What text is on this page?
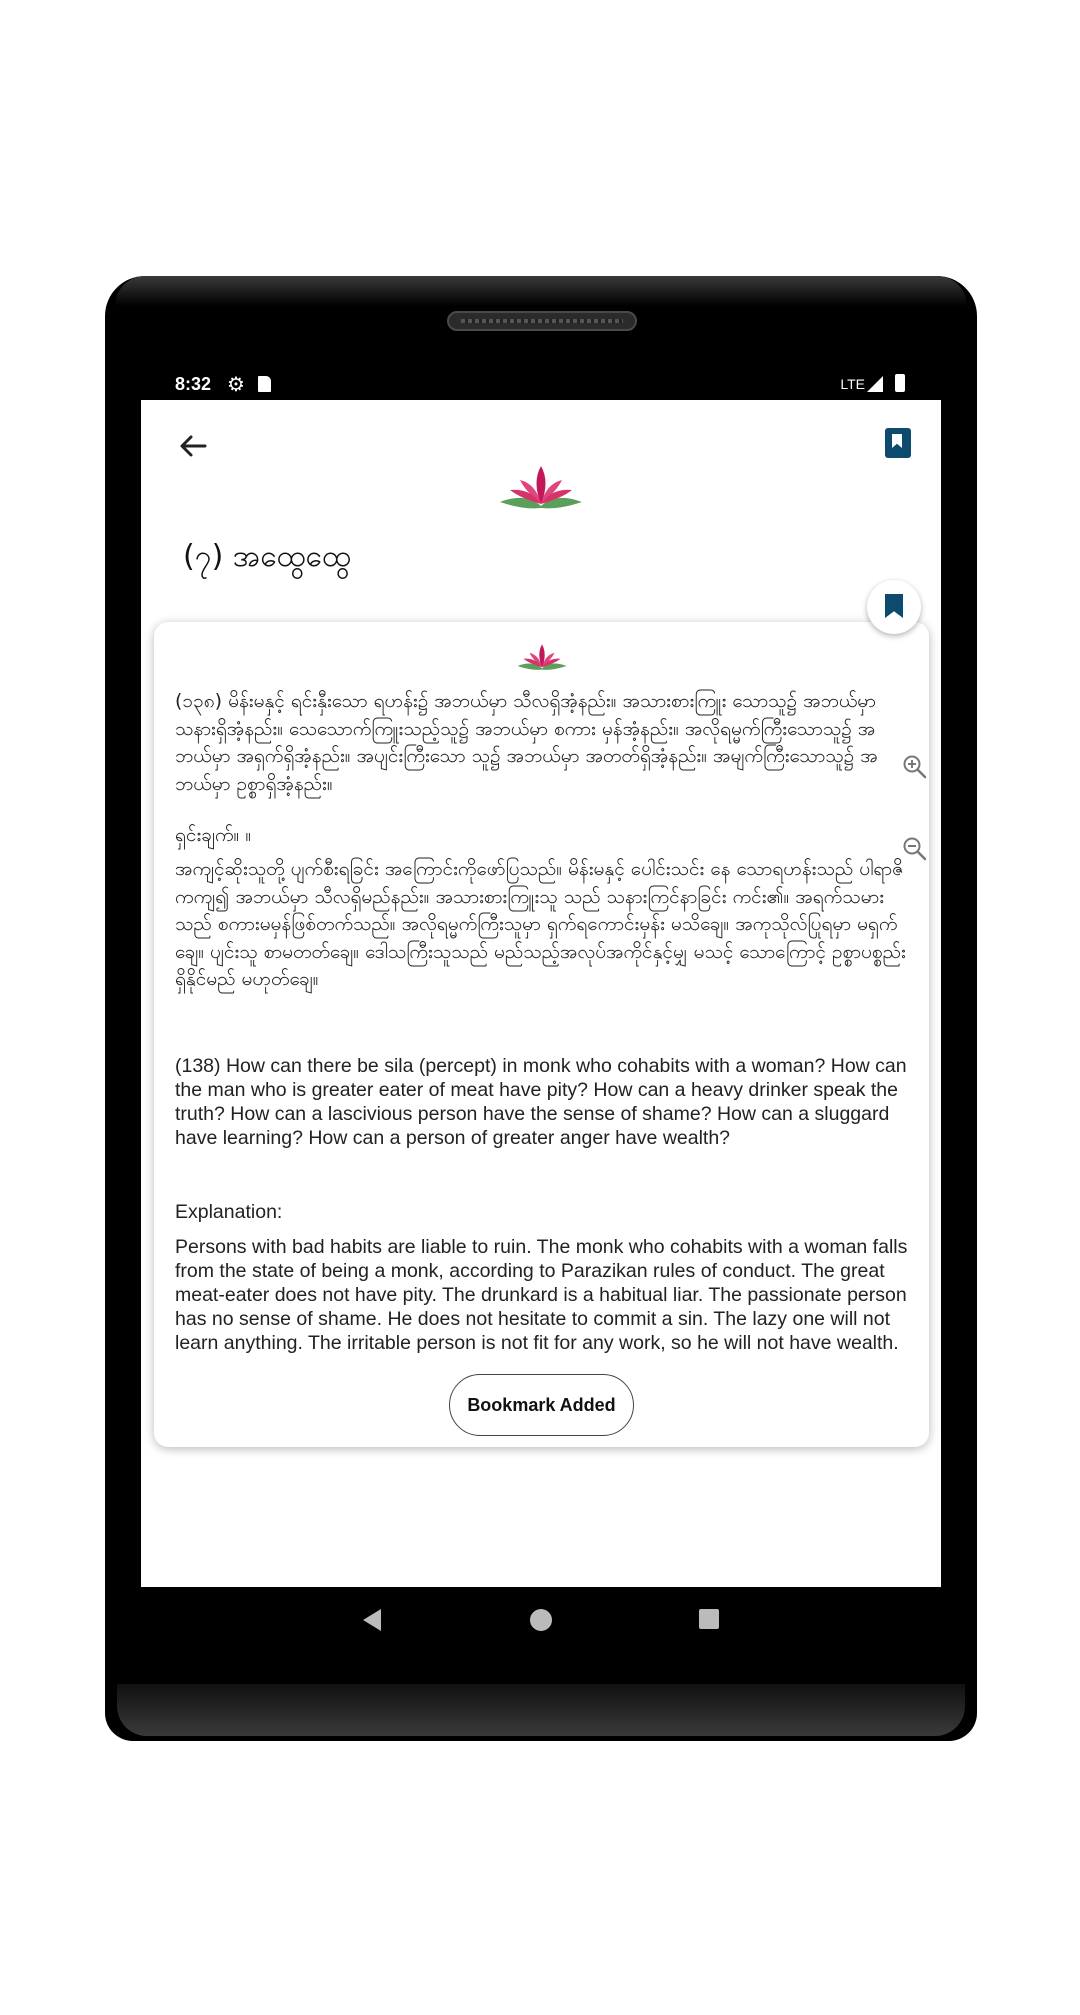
8:32 ⚙	LTE
(၇) အထွေထွေ
(၁၃၈) မိန်းမနှင့် ရင်းနှီးသော ရဟန်း၌ အဘယ်မှာ သီလရှိအံ့နည်း။ အသားစားကြူး သောသူ၌ အဘယ်မှာ သနားရှိအံ့နည်း။ သေသောက်ကြူးသည့်သူ၌ အဘယ်မှာ စကား မှန်အံ့နည်း။ အလိုရမ္မက်ကြီးသောသူ၌ အဘယ်မှာ အရှက်ရှိအံ့နည်း။ အပျင်းကြီးသော သူ၌ အဘယ်မှာ အတတ်ရှိအံ့နည်း။ အမျက်ကြီးသောသူ၌ အဘယ်မှာ ဥစ္စာရှိအံ့နည်း။
ရှင်းချက်။ ။
အကျင့်ဆိုးသူတို့ ပျက်စီးရခြင်း အကြောင်းကိုဖော်ပြသည်။ မိန်းမနှင့် ပေါင်းသင်း နေ သောရဟန်းသည် ပါရာဇိကကျ၍ အဘယ်မှာ သီလရှိမည်နည်း။ အသားစားကြူးသူ သည် သနားကြင်နာခြင်း ကင်း၏။ အရက်သမားသည် စကားမမှန်ဖြစ်တက်သည်။ အလိုရမ္မက်ကြီးသူမှာ ရှက်ရကောင်းမှန်း မသိချေ။ အကုသိုလ်ပြုရမှာ မရှက်ချေ။ ပျင်းသူ စာမတတ်ချေ။ ဒေါသကြီးသူသည် မည်သည့်အလုပ်အကိုင်နှင့်မျှ မသင့် သောကြောင့် ဥစ္စာပစ္စည်းရှိနိုင်မည် မဟုတ်ချေ။
(138) How can there be sila (percept) in monk who cohabits with a woman? How can the man who is greater eater of meat have pity? How can a heavy drinker speak the truth? How can a lascivious person have the sense of shame? How can a sluggard have learning? How can a person of greater anger have wealth?
Explanation:
Persons with bad habits are liable to ruin. The monk who cohabits with a woman falls from the state of being a monk, according to Parazikan rules of conduct. The great meat-eater does not have pity. The drunkard is a habitual liar. The passionate person has no sense of shame. He does not hesitate to commit a sin. The lazy one will not learn anything. The irritable person is not fit for any work, so he will not have wealth.
Bookmark Added
